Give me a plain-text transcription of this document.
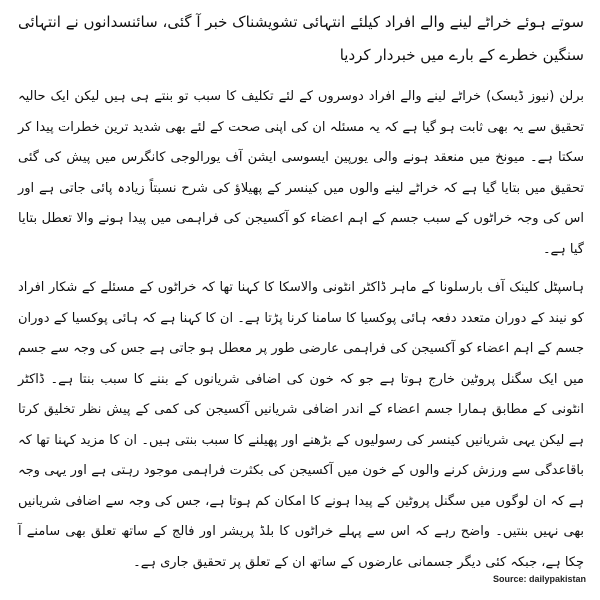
سوتے ہوئے خراٹے لینے والے افراد کیلئے انتہائی تشویشناک خبر آ گئی، سائنسدانوں نے انتہائی سنگین خطرے کے بارے میں خبردار کردیا

برلن (نیوز ڈیسک) خراٹے لینے والے افراد دوسروں کے لئے تکلیف کا سبب تو بنتے ہی ہیں لیکن ایک حالیہ تحقیق سے یہ بھی ثابت ہو گیا ہے کہ یہ مسئلہ ان کی اپنی صحت کے لئے بھی شدید ترین خطرات پیدا کر سکتا ہے۔ میونخ میں منعقد ہونے والی یورپین ایسوسی ایشن آف یورالوجی کانگرس میں پیش کی گئی تحقیق میں بتایا گیا ہے کہ خراٹے لینے والوں میں کینسر کے پھیلاؤ کی شرح نسبتاً زیادہ پائی جاتی ہے اور اس کی وجہ خراٹوں کے سبب جسم کے اہم اعضاء کو آکسیجن کی فراہمی میں پیدا ہونے والا تعطل بتایا گیا ہے۔

ہاسپٹل کلینک آف بارسلونا کے ماہر ڈاکٹر انٹونی والاسکا کا کہنا تھا کہ خراٹوں کے مسئلے کے شکار افراد کو نیند کے دوران متعدد دفعہ ہائی پوکسیا کا سامنا کرنا پڑتا ہے۔ ان کا کہنا ہے کہ ہائی پوکسیا کے دوران جسم کے اہم اعضاء کو آکسیجن کی فراہمی عارضی طور پر معطل ہو جاتی ہے جس کی وجہ سے جسم میں ایک سگنل پروٹین خارج ہوتا ہے جو کہ خون کی اضافی شریانوں کے بننے کا سبب بنتا ہے۔ ڈاکٹر انٹونی کے مطابق ہمارا جسم اعضاء کے اندر اضافی شریانیں آکسیجن کی کمی کے پیش نظر تخلیق کرتا ہے لیکن یہی شریانیں کینسر کی رسولیوں کے بڑھنے اور پھیلنے کا سبب بنتی ہیں۔ ان کا مزید کہنا تھا کہ باقاعدگی سے ورزش کرنے والوں کے خون میں آکسیجن کی بکثرت فراہمی موجود رہتی ہے اور یہی وجہ ہے کہ ان لوگوں میں سگنل پروٹین کے پیدا ہونے کا امکان کم ہوتا ہے، جس کی وجہ سے اضافی شریانیں بھی نہیں بنتیں۔ واضح رہے کہ اس سے پہلے خراٹوں کا بلڈ پریشر اور فالج کے ساتھ تعلق بھی سامنے آ چکا ہے، جبکہ کئی دیگر جسمانی عارضوں کے ساتھ ان کے تعلق پر تحقیق جاری ہے۔

Source: dailypakistan
